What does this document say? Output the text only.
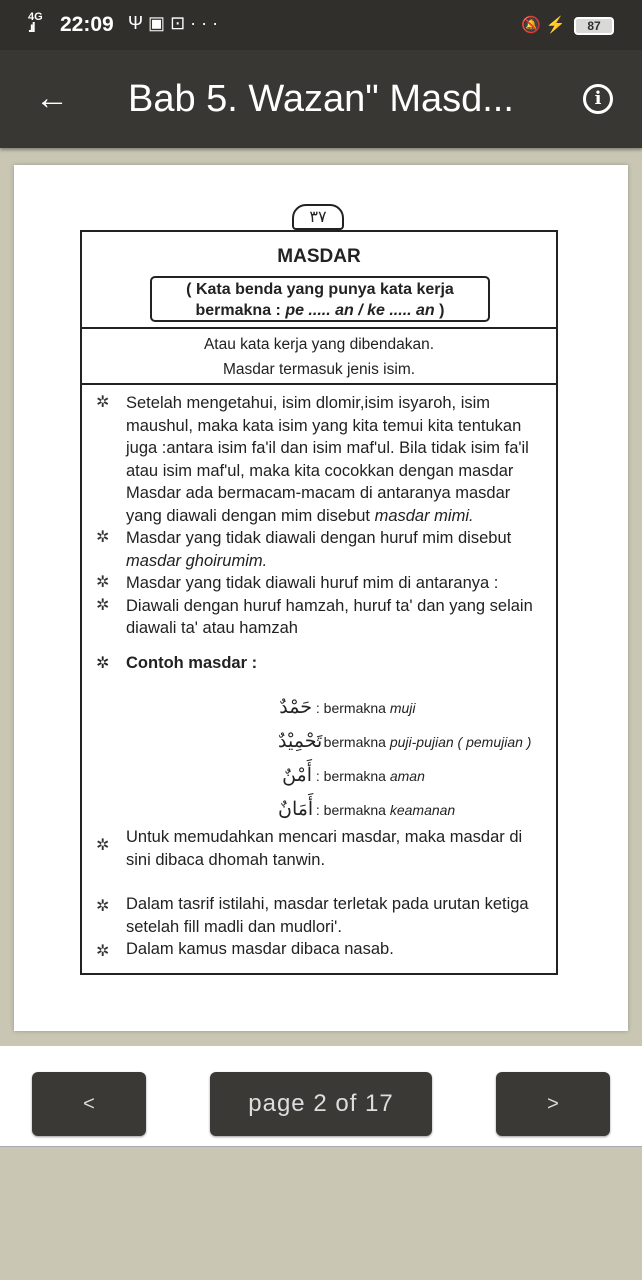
4G
.ıl	22:09 Ψ▣⊡···	🔕 ⚡ 87
← Bab 5. Wazan" Masd...	i
٣٧
MASDAR
( Kata benda yang punya kata kerja
bermakna : pe ..... an / ke ..... an )
Atau kata kerja yang dibendakan.
Masdar termasuk jenis isim.
✲ Setelah mengetahui, isim dlomir,isim isyaroh, isim maushul, maka kata isim yang kita temui kita tentukan juga :antara isim fa'il dan isim maf'ul. Bila tidak isim fa'il atau isim maf'ul, maka kita cocokkan dengan masdar Masdar ada bermacam-macam di antaranya masdar yang diawali dengan mim disebut masdar mimi.
✲ Masdar yang tidak diawali dengan huruf mim disebut masdar ghoirumim.
✲ Masdar yang tidak diawali huruf mim di antaranya :
✲ Diawali dengan huruf hamzah, huruf ta' dan yang selain diawali ta' atau hamzah
✲ Contoh masdar :
حَمْدٌ : bermakna muji
تَحْمِيْدٌ : bermakna puji-pujian ( pemujian )
أَمْنٌ : bermakna aman
أَمَانٌ : bermakna keamanan
✲ Untuk memudahkan mencari masdar, maka masdar di sini dibaca dhomah tanwin.
✲ Dalam tasrif istilahi, masdar terletak pada urutan ketiga setelah fill madli dan mudlori'.
✲ Dalam kamus masdar dibaca nasab.
<	page 2 of 17	>
